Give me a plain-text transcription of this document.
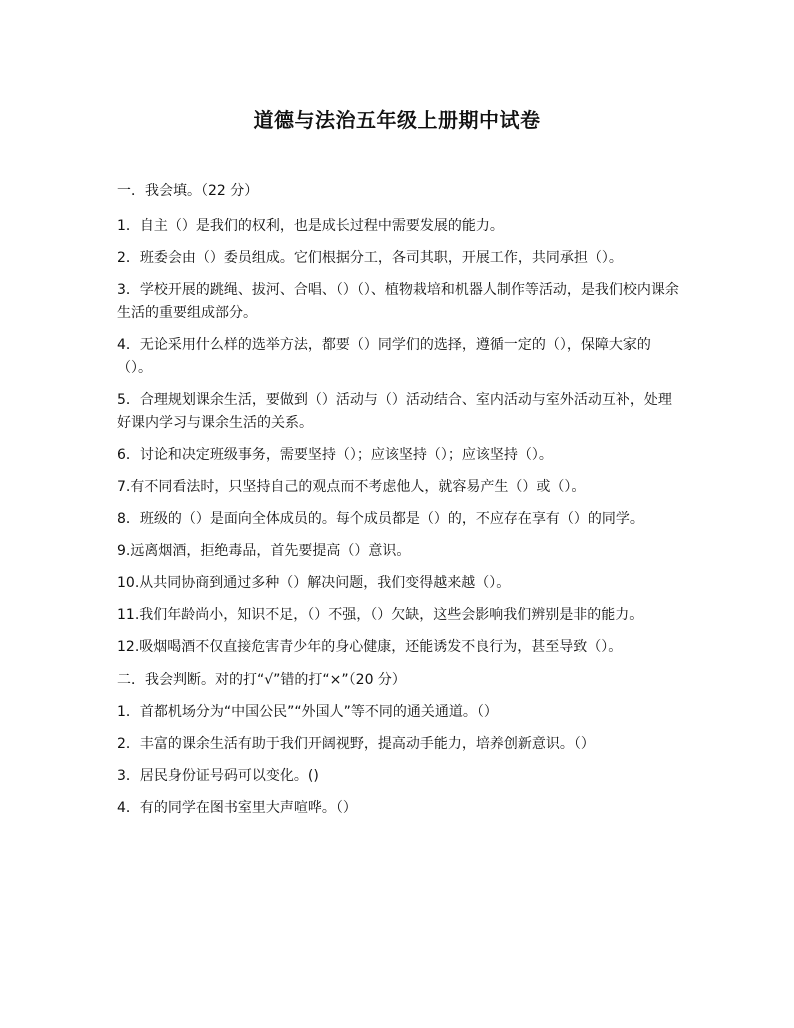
道德与法治五年级上册期中试卷

一．我会填。（22 分）

1．自主（）是我们的权利，也是成长过程中需要发展的能力。

2．班委会由（）委员组成。它们根据分工，各司其职，开展工作，共同承担（）。

3．学校开展的跳绳、拔河、合唱、（）（）、植物栽培和机器人制作等活动，是我们校内课余生活的重要组成部分。

4．无论采用什么样的选举方法，都要（）同学们的选择，遵循一定的（），保障大家的（）。

5．合理规划课余生活，要做到（）活动与（）活动结合、室内活动与室外活动互补，处理好课内学习与课余生活的关系。

6．讨论和决定班级事务，需要坚持（）；应该坚持（）；应该坚持（）。

7.有不同看法时，只坚持自己的观点而不考虑他人，就容易产生（）或（）。

8．班级的（）是面向全体成员的。每个成员都是（）的，不应存在享有（）的同学。

9.远离烟酒，拒绝毒品，首先要提高（）意识。

10.从共同协商到通过多种（）解决问题，我们变得越来越（）。

11.我们年龄尚小，知识不足，（）不强，（）欠缺，这些会影响我们辨别是非的能力。

12.吸烟喝酒不仅直接危害青少年的身心健康，还能诱发不良行为，甚至导致（）。

二．我会判断。对的打“√”错的打“×”（20 分）

1．首都机场分为“中国公民”“外国人”等不同的通关通道。（）

2．丰富的课余生活有助于我们开阔视野，提高动手能力，培养创新意识。（）

3．居民身份证号码可以变化。()

4．有的同学在图书室里大声喧哗。（）
